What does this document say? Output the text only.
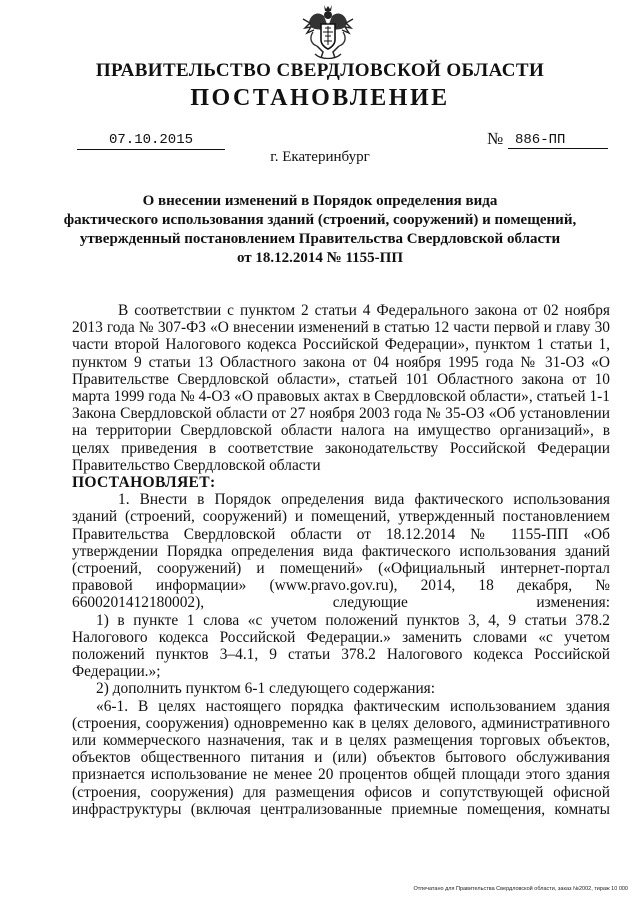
ПРАВИТЕЛЬСТВО СВЕРДЛОВСКОЙ ОБЛАСТИ
ПОСТАНОВЛЕНИЕ
07.10.2015	№ 886-ПП
г. Екатеринбург
О внесении изменений в Порядок определения вида
фактического использования зданий (строений, сооружений) и помещений,
утвержденный постановлением Правительства Свердловской области
от 18.12.2014 № 1155-ПП

В соответствии с пунктом 2 статьи 4 Федерального закона от 02 ноября 2013 года № 307-ФЗ «О внесении изменений в статью 12 части первой и главу 30 части второй Налогового кодекса Российской Федерации», пунктом 1 статьи 1, пунктом 9 статьи 13 Областного закона от 04 ноября 1995 года № 31-ОЗ «О Правительстве Свердловской области», статьей 101 Областного закона от 10 марта 1999 года № 4-ОЗ «О правовых актах в Свердловской области», статьей 1-1 Закона Свердловской области от 27 ноября 2003 года № 35-ОЗ «Об установлении на территории Свердловской области налога на имущество организаций», в целях приведения в соответствие законодательству Российской Федерации Правительство Свердловской области

ПОСТАНОВЛЯЕТ:

1. Внести в Порядок определения вида фактического использования зданий (строений, сооружений) и помещений, утвержденный постановлением Правительства Свердловской области от 18.12.2014 № 1155-ПП «Об утверждении Порядка определения вида фактического использования зданий (строений, сооружений) и помещений» («Официальный интернет-портал правовой информации» (www.pravo.gov.ru), 2014, 18 декабря, № 6600201412180002), следующие изменения:

1) в пункте 1 слова «с учетом положений пунктов 3, 4, 9 статьи 378.2 Налогового кодекса Российской Федерации.» заменить словами «с учетом положений пунктов 3–4.1, 9 статьи 378.2 Налогового кодекса Российской Федерации.»;

2) дополнить пунктом 6-1 следующего содержания:

«6-1. В целях настоящего порядка фактическим использованием здания (строения, сооружения) одновременно как в целях делового, административного или коммерческого назначения, так и в целях размещения торговых объектов, объектов общественного питания и (или) объектов бытового обслуживания признается использование не менее 20 процентов общей площади этого здания (строения, сооружения) для размещения офисов и сопутствующей офисной инфраструктуры (включая централизованные приемные помещения, комнаты

Отпечатано для Правительства Свердловской области, заказ №2002, тираж 10 000
